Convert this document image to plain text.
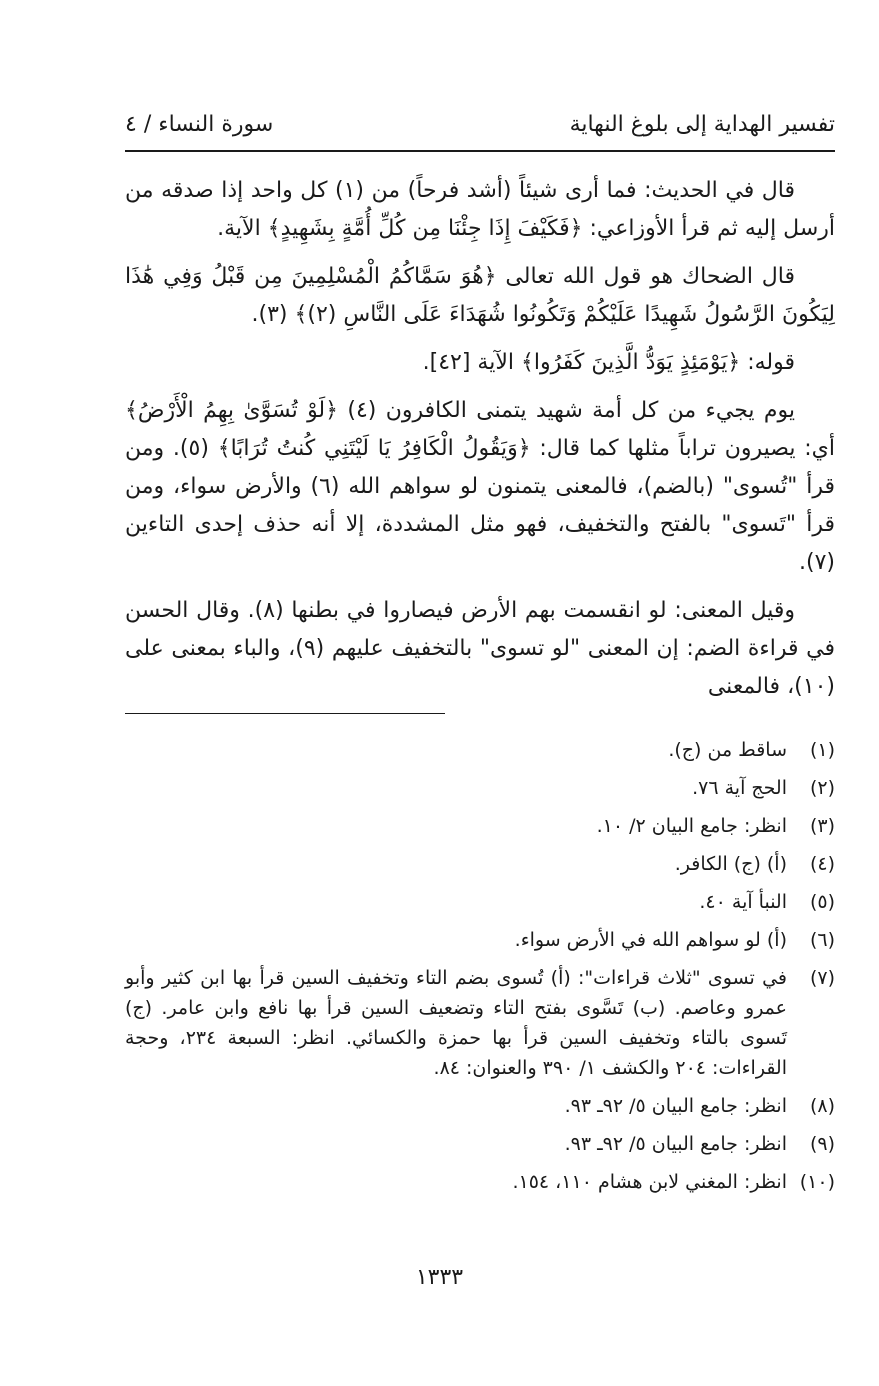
تفسير الهداية إلى بلوغ النهاية
سورة النساء / ٤

قال في الحديث: فما أرى شيئاً (أشد فرحاً) من (١) كل واحد إذا صدقه من أرسل إليه ثم قرأ الأوزاعي: ﴿فَكَيْفَ إِذَا جِئْنَا مِن كُلِّ أُمَّةٍ بِشَهِيدٍ﴾ الآية.

قال الضحاك هو قول الله تعالى ﴿هُوَ سَمَّاكُمُ الْمُسْلِمِينَ مِن قَبْلُ وَفِي هَٰذَا لِيَكُونَ الرَّسُولُ شَهِيدًا عَلَيْكُمْ وَتَكُونُوا شُهَدَاءَ عَلَى النَّاسِ (٢)﴾ (٣).

قوله: ﴿يَوْمَئِذٍ يَوَدُّ الَّذِينَ كَفَرُوا﴾ الآية [٤٢].

يوم يجيء من كل أمة شهيد يتمنى الكافرون (٤) ﴿لَوْ تُسَوَّىٰ بِهِمُ الْأَرْضُ﴾ أي: يصيرون تراباً مثلها كما قال: ﴿وَيَقُولُ الْكَافِرُ يَا لَيْتَنِي كُنتُ تُرَابًا﴾ (٥). ومن قرأ "تُسوى" (بالضم)، فالمعنى يتمنون لو سواهم الله (٦) والأرض سواء، ومن قرأ "تَسوى" بالفتح والتخفيف، فهو مثل المشددة، إلا أنه حذف إحدى التاءين (٧).

وقيل المعنى: لو انقسمت بهم الأرض فيصاروا في بطنها (٨). وقال الحسن في قراءة الضم: إن المعنى "لو تسوى" بالتخفيف عليهم (٩)، والباء بمعنى على (١٠)، فالمعنى

(١)
ساقط من (ج).
(٢)
الحج آية ٧٦.
(٣)
انظر: جامع البيان ٢/ ١٠.
(٤)
(أ) (ج) الكافر.
(٥)
النبأ آية ٤٠.
(٦)
(أ) لو سواهم الله في الأرض سواء.
(٧)
في تسوى "ثلاث قراءات": (أ) تُسوى بضم التاء وتخفيف السين قرأ بها ابن كثير وأبو عمرو وعاصم. (ب) تَسَّوى بفتح التاء وتضعيف السين قرأ بها نافع وابن عامر. (ج) تَسوى بالتاء وتخفيف السين قرأ بها حمزة والكسائي. انظر: السبعة ٢٣٤، وحجة القراءات: ٢٠٤ والكشف ١/ ٣٩٠ والعنوان: ٨٤.
(٨)
انظر: جامع البيان ٥/ ٩٢ـ ٩٣.
(٩)
انظر: جامع البيان ٥/ ٩٢ـ ٩٣.
(١٠)
انظر: المغني لابن هشام ١١٠، ١٥٤.
١٣٣٣
